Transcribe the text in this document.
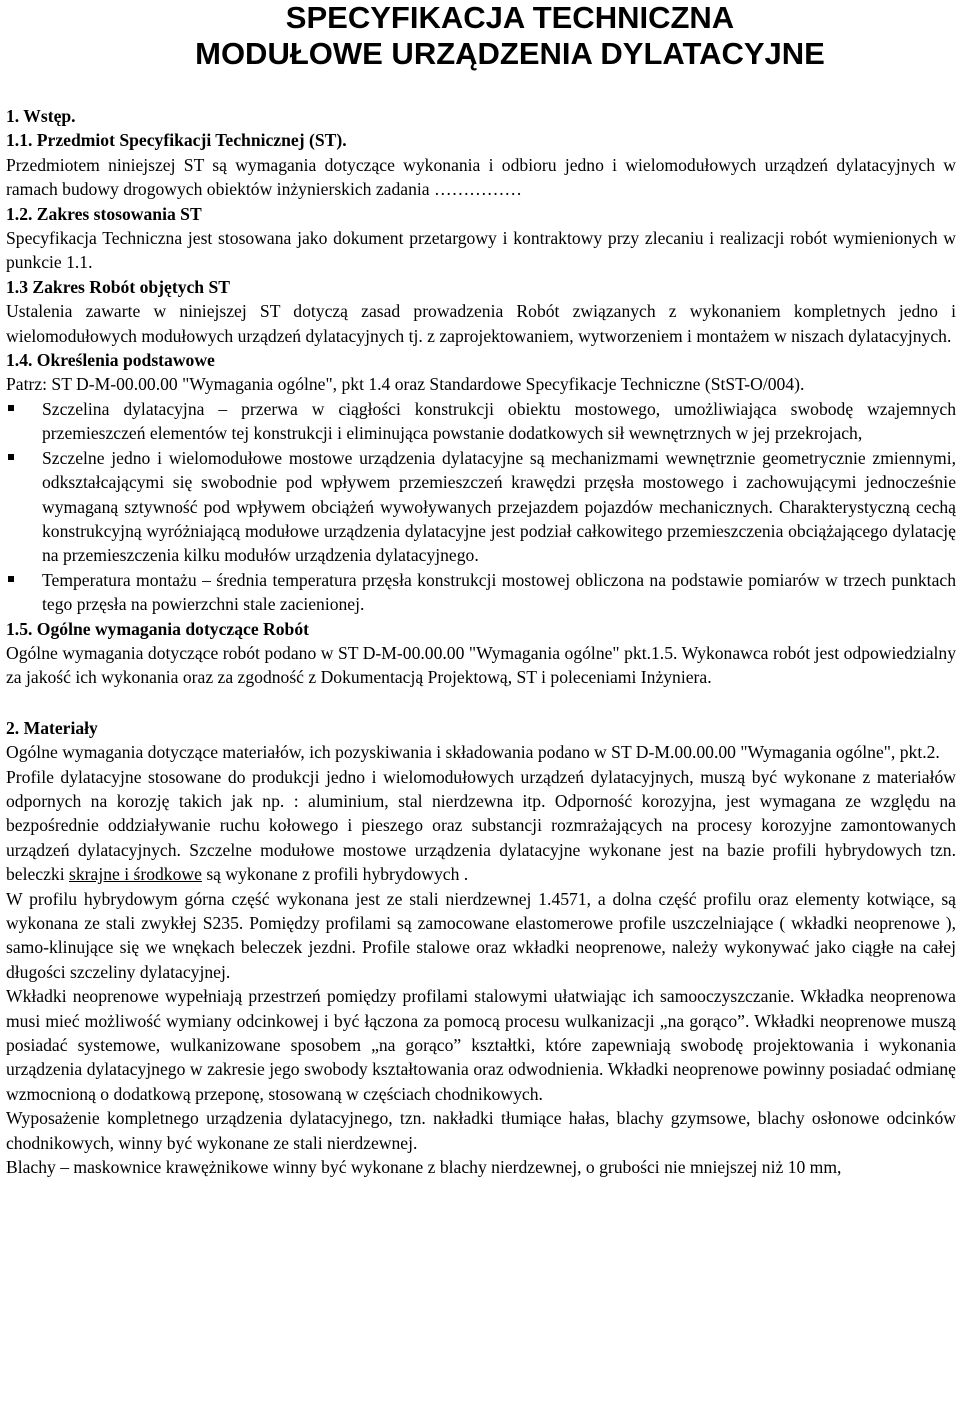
SPECYFIKACJA TECHNICZNA

MODUŁOWE URZĄDZENIA DYLATACYJNE

1. Wstęp.

1.1. Przedmiot Specyfikacji Technicznej (ST).

Przedmiotem niniejszej ST są wymagania dotyczące wykonania i odbioru jedno i wielomodułowych urządzeń dylatacyjnych w ramach budowy drogowych obiektów inżynierskich zadania ……………

1.2. Zakres stosowania ST

Specyfikacja Techniczna jest stosowana jako dokument przetargowy i kontraktowy przy zlecaniu i realizacji robót wymienionych w punkcie 1.1.

1.3 Zakres Robót objętych ST

Ustalenia zawarte w niniejszej ST dotyczą zasad prowadzenia Robót związanych z wykonaniem kompletnych jedno i wielomodułowych modułowych urządzeń dylatacyjnych tj. z zaprojektowaniem, wytworzeniem i montażem w niszach dylatacyjnych.

1.4. Określenia podstawowe

Patrz: ST D-M-00.00.00 "Wymagania ogólne", pkt 1.4 oraz Standardowe Specyfikacje Techniczne (StST-O/004).

Szczelina dylatacyjna – przerwa w ciągłości konstrukcji obiektu mostowego, umożliwiająca swobodę wzajemnych przemieszczeń elementów tej konstrukcji i eliminująca powstanie dodatkowych sił wewnętrznych w jej przekrojach,
Szczelne jedno i wielomodułowe mostowe urządzenia dylatacyjne są mechanizmami wewnętrznie geometrycznie zmiennymi, odkształcającymi się swobodnie pod wpływem przemieszczeń krawędzi przęsła mostowego i zachowującymi jednocześnie wymaganą sztywność pod wpływem obciążeń wywoływanych przejazdem pojazdów mechanicznych. Charakterystyczną cechą konstrukcyjną wyróżniającą modułowe urządzenia dylatacyjne jest podział całkowitego przemieszczenia obciążającego dylatację na przemieszczenia kilku modułów urządzenia dylatacyjnego.
Temperatura montażu – średnia temperatura przęsła konstrukcji mostowej obliczona na podstawie pomiarów w trzech punktach tego przęsła na powierzchni stale zacienionej.

1.5. Ogólne wymagania dotyczące Robót

Ogólne wymagania dotyczące robót podano w ST D-M-00.00.00 "Wymagania ogólne" pkt.1.5. Wykonawca robót jest odpowiedzialny za jakość ich wykonania oraz za zgodność z Dokumentacją Projektową, ST i poleceniami Inżyniera.

2. Materiały

Ogólne wymagania dotyczące materiałów, ich pozyskiwania i składowania podano w ST D-M.00.00.00 "Wymagania ogólne", pkt.2.

Profile dylatacyjne stosowane do produkcji jedno i wielomodułowych urządzeń dylatacyjnych, muszą być wykonane z materiałów odpornych na korozję takich jak np. : aluminium, stal nierdzewna itp. Odporność korozyjna, jest wymagana ze względu na bezpośrednie oddziaływanie ruchu kołowego i pieszego oraz substancji rozmrażających na procesy korozyjne zamontowanych urządzeń dylatacyjnych. Szczelne modułowe mostowe urządzenia dylatacyjne wykonane jest na bazie profili hybrydowych tzn. beleczki skrajne i środkowe są wykonane z profili hybrydowych .

W profilu hybrydowym górna część wykonana jest ze stali nierdzewnej 1.4571, a dolna część profilu oraz elementy kotwiące, są wykonana ze stali zwykłej S235. Pomiędzy profilami są zamocowane elastomerowe profile uszczelniające ( wkładki neoprenowe ), samo-klinujące się we wnękach beleczek jezdni. Profile stalowe oraz wkładki neoprenowe, należy wykonywać jako ciągłe na całej długości szczeliny dylatacyjnej.

Wkładki neoprenowe wypełniają przestrzeń pomiędzy profilami stalowymi ułatwiając ich samooczyszczanie. Wkładka neoprenowa musi mieć możliwość wymiany odcinkowej i być łączona za pomocą procesu wulkanizacji „na gorąco”. Wkładki neoprenowe muszą posiadać systemowe, wulkanizowane sposobem „na gorąco” kształtki, które zapewniają swobodę projektowania i wykonania urządzenia dylatacyjnego w zakresie jego swobody kształtowania oraz odwodnienia. Wkładki neoprenowe powinny posiadać odmianę wzmocnioną o dodatkową przeponę, stosowaną w częściach chodnikowych.

Wyposażenie kompletnego urządzenia dylatacyjnego, tzn. nakładki tłumiące hałas, blachy gzymsowe, blachy osłonowe odcinków chodnikowych, winny być wykonane ze stali nierdzewnej.

Blachy – maskownice krawężnikowe winny być wykonane z blachy nierdzewnej, o grubości nie mniejszej niż 10 mm,
